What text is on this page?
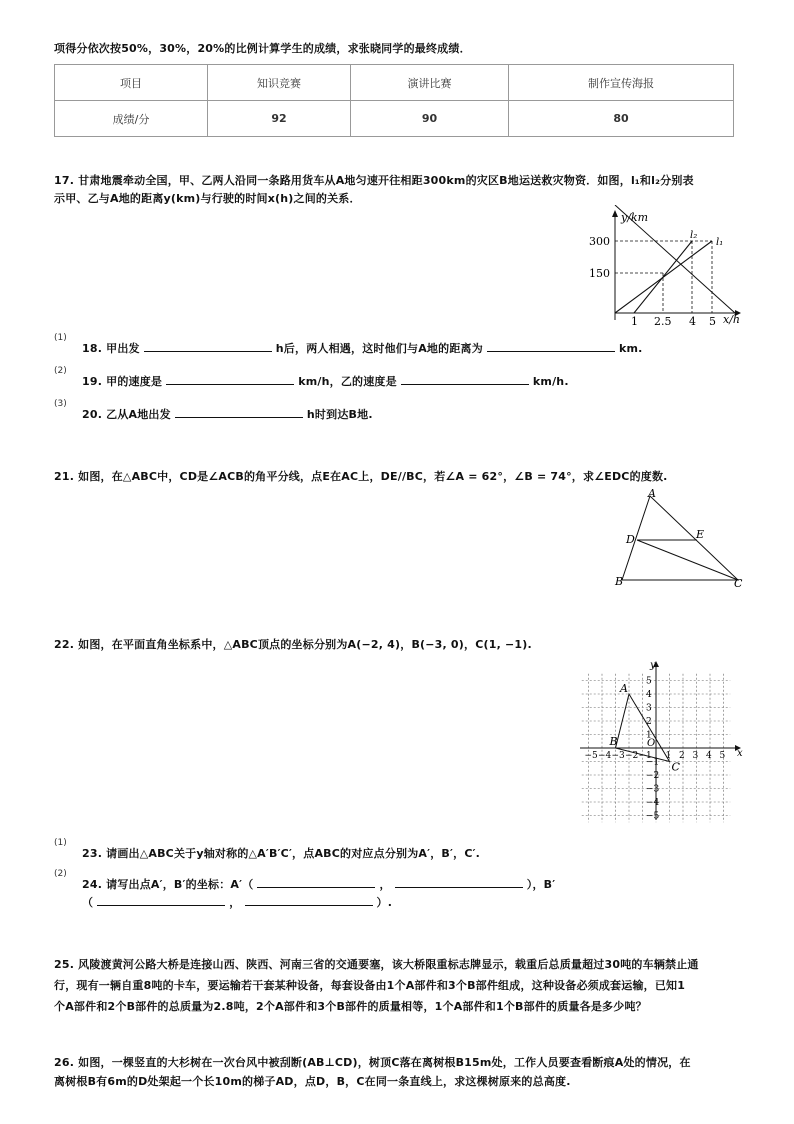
项得分依次按50%，30%，20%的比例计算学生的成绩，求张晓同学的最终成绩．
项目	知识竞赛	演讲比赛	制作宣传海报
成绩/分	92	90	80
17. 甘肃地震牵动全国，甲、乙两人沿同一条路用货车从A地匀速开往相距300km的灾区B地运送救灾物资．如图，l₁和l₂分别表
示甲、乙与A地的距离y(km)与行驶的时间x(h)之间的关系．
y/km
x/h
300
150
1 2.5 4 5
l₂
l₁
(1)
18. 甲出发	h后，两人相遇，这时他们与A地的距离为	km.
(2)
19. 甲的速度是	km/h，乙的速度是	km/h.
(3)
20. 乙从A地出发	h时到达B地.
21. 如图，在△ABC中，CD是∠ACB的角平分线，点E在AC上，DE//BC，若∠A = 62°，∠B = 74°，求∠EDC的度数.
A
D	E
B	C
22. 如图，在平面直角坐标系中，△ABC顶点的坐标分别为A(−2, 4)，B(−3, 0)，C(1, −1).
−5 −4 −3 −2 −1 1 2 3 4 5
5
4
3
2
1
−1
−2
−3
−4
−5
x
y
O
A
B
C
(1)
23. 请画出△ABC关于y轴对称的△A′B′C′，点ABC的对应点分别为A′，B′，C′.
(2)
24. 请写出点A′，B′的坐标：A′（	，	），B′
（	，	）.
25. 风陵渡黄河公路大桥是连接山西、陕西、河南三省的交通要塞，该大桥限重标志牌显示，载重后总质量超过30吨的车辆禁止通
行，现有一辆自重8吨的卡车，要运输若干套某种设备，每套设备由1个A部件和3个B部件组成，这种设备必须成套运输，已知1
个A部件和2个B部件的总质量为2.8吨，2个A部件和3个B部件的质量相等，1个A部件和1个B部件的质量各是多少吨？
26. 如图，一棵竖直的大杉树在一次台风中被刮断(AB⊥CD)，树顶C落在离树根B15m处，工作人员要查看断痕A处的情况，在
离树根B有6m的D处架起一个长10m的梯子AD，点D，B，C在同一条直线上，求这棵树原来的总高度.
